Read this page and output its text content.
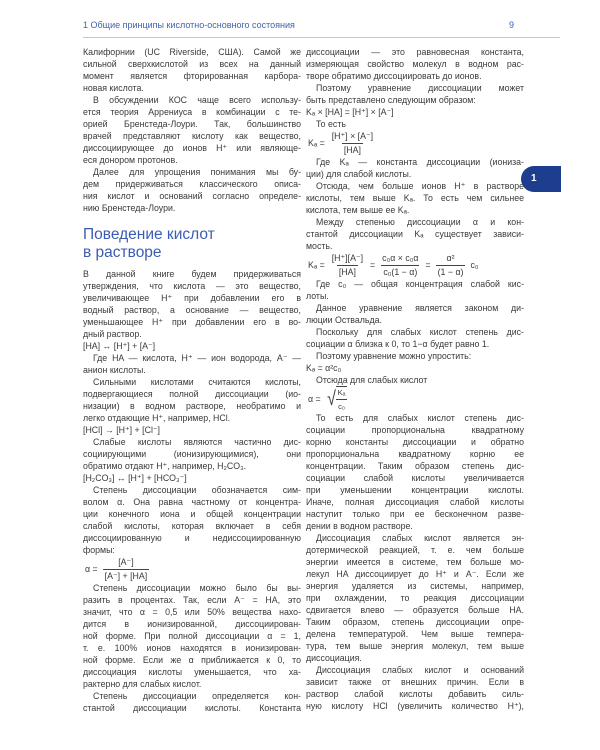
1 Общие принципы кислотно-основного состояния	9
1
Калифорнии (UC Riverside, США). Самой же
сильной сверхкислотой из всех на данный
момент является фторированная карбора-
новая кислота.
В обсуждении КОС чаще всего использу-
ется теория Аррениуса в комбинации с те-
орией Бренстеда-Лоури. Так, большинство
врачей представляют кислоту как вещество,
диссоциирующее до ионов H⁺ или являюще-
еся донором протонов.
Далее для упрощения понимания мы бу-
дем придерживаться классического описа-
ния кислот и оснований согласно определе-
нию Бренстеда-Лоури.
Поведение кислот
в растворе
В данной книге будем придерживаться
утверждения, что кислота — это вещество,
увеличивающее H⁺ при добавлении его в
водный раствор, а основание — вещество,
уменьшающее H⁺ при добавлении его в во-
дный раствор.
[HA] ↔ [H⁺] + [A⁻]
Где HA — кислота, H⁺ — ион водорода, A⁻ —
анион кислоты.
Сильными кислотами считаются кислоты,
подвергающиеся полной диссоциации (ио-
низации) в водном растворе, необратимо и
легко отдающие H⁺, например, HCl.
[HCl] → [H⁺] + [Cl⁻]
Слабые кислоты являются частично дис-
социирующими (ионизирующимися), они
обратимо отдают H⁺, например, H₂CO₃.
[H₂CO₃] ↔ [H⁺] + [HCO₃⁻]
Степень диссоциации обозначается сим-
волом α. Она равна частному от концентра-
ции конечного иона и общей концентрации
слабой кислоты, которая включает в себя
диссоциированную и недиссоциированную
формы:
$\alpha = \frac{[A^-]}{[A^-] + [HA]}$
Степень диссоциации можно было бы вы-
разить в процентах. Так, если A⁻ = HA, это
значит, что α = 0,5 или 50% вещества нахо-
дится в ионизированной, диссоциирован-
ной форме. При полной диссоциации α = 1,
т. е. 100% ионов находятся в ионизирован-
ной форме. Если же α приближается к 0, то
диссоциация кислоты уменьшается, что ха-
рактерно для слабых кислот.
Степень диссоциации определяется кон-
стантой диссоциации кислоты. Константа
диссоциации — это равновесная константа,
измеряющая свойство молекул в водном рас-
творе обратимо диссоциировать до ионов.
Поэтому уравнение диссоциации может
быть представлено следующим образом:
Kₐ × [HA] = [H⁺] × [A⁻]
То есть
$K_a = \frac{[H^+] \times [A^-]}{[HA]}$
Где Kₐ — константа диссоциации (иониза-
ции) для слабой кислоты.
Отсюда, чем больше ионов H⁺ в растворе
кислоты, тем выше Kₐ. То есть чем сильнее
кислота, тем выше ее Kₐ.
Между степенью диссоциации α и кон-
стантой диссоциации Kₐ существует зависи-
мость.
$K_a = \frac{[H^+][A^-]}{[HA]} = \frac{\text{c₀α × c₀α}}{\text{c₀(1 − α)}} = \frac{\text{α²}}{(1 - \alpha)} c_0$
Где c₀ — общая концентрация слабой кис-
лоты.
Данное уравнение является законом ди-
люции Оствальда.
Поскольку для слабых кислот степень дис-
социации α близка к 0, то 1−α будет равно 1.
Поэтому уравнение можно упростить:
Kₐ = α²c₀
Отсюда для слабых кислот
α = √ $\frac{\text{Kₐ}}{\text{c₀}}$
То есть для слабых кислот степень дис-
социации пропорциональна квадратному
корню константы диссоциации и обратно
пропорциональна квадратному корню ее
концентрации. Таким образом степень дис-
социации слабой кислоты увеличивается
при уменьшении концентрации кислоты.
Иначе, полная диссоциация слабой кислоты
наступит только при ее бесконечном разве-
дении в водном растворе.
Диссоциация слабых кислот является эн-
дотермической реакцией, т. е. чем больше
энергии имеется в системе, тем больше мо-
лекул HA диссоциирует до H⁺ и A⁻. Если же
энергия удаляется из системы, например,
при охлаждении, то реакция диссоциации
сдвигается влево — образуется больше HA.
Таким образом, степень диссоциации опре-
делена температурой. Чем выше темпера-
тура, тем выше энергия молекул, тем выше
диссоциация.
Диссоциация слабых кислот и оснований
зависит также от внешних причин. Если в
раствор слабой кислоты добавить силь-
ную кислоту HCl (увеличить количество H⁺),
